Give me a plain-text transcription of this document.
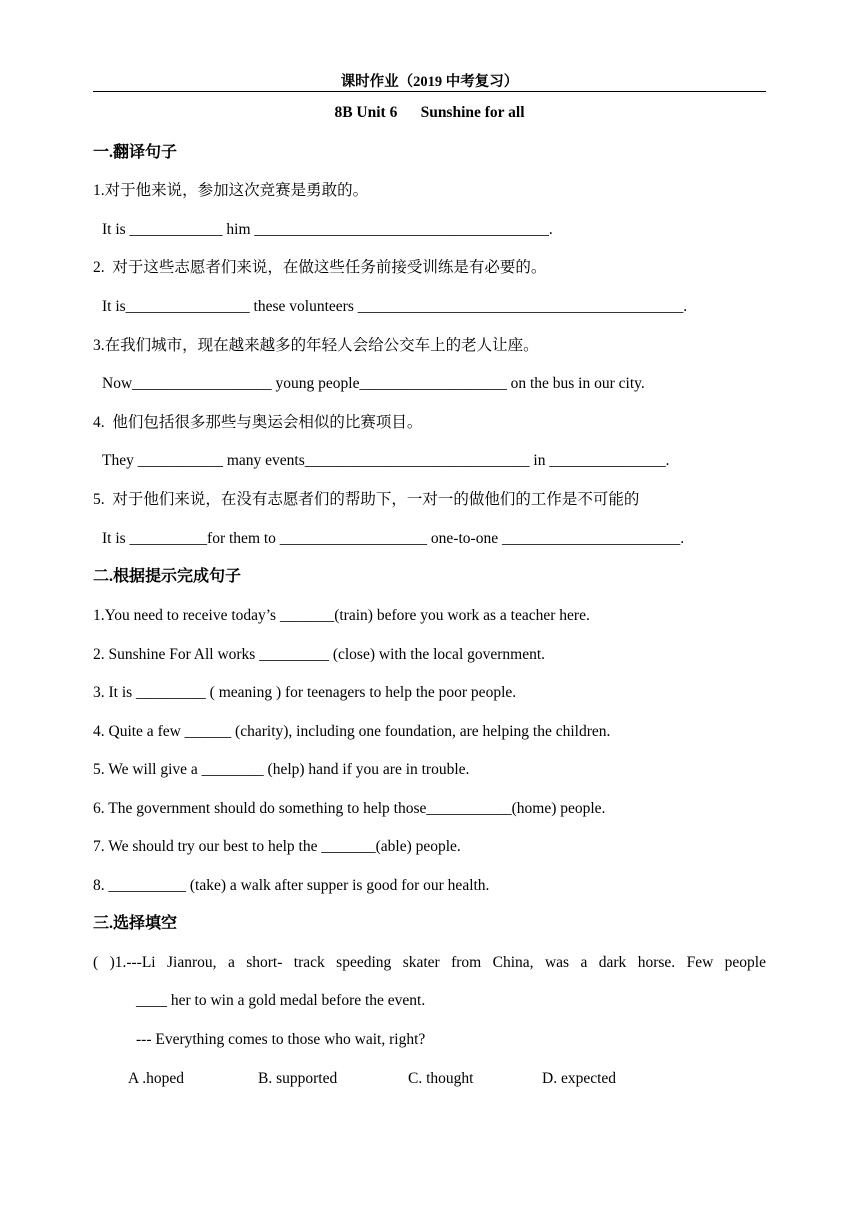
课时作业（2019 中考复习）
8B Unit 6      Sunshine for all
一.翻译句子
1.对于他来说，参加这次竞赛是勇敢的。
It is ____________ him ______________________________________.
2.  对于这些志愿者们来说，在做这些任务前接受训练是有必要的。
It is________________ these volunteers __________________________________________.
3.在我们城市，现在越来越多的年轻人会给公交车上的老人让座。
Now__________________ young people___________________ on the bus in our city.
4.  他们包括很多那些与奥运会相似的比赛项目。
They ___________ many events_____________________________ in _______________.
5.  对于他们来说，在没有志愿者们的帮助下，一对一的做他们的工作是不可能的
It is __________for them to ___________________ one-to-one _______________________.
二.根据提示完成句子
1.You need to receive today’s _______(train) before you work as a teacher here.
2. Sunshine For All works _________ (close) with the local government.
3. It is _________ ( meaning ) for teenagers to help the poor people.
4. Quite a few ______ (charity), including one foundation, are helping the children.
5. We will give a ________ (help) hand if you are in trouble.
6. The government should do something to help those___________(home) people.
7. We should try our best to help the _______(able) people.
8. __________ (take) a walk after supper is good for our health.
三.选择填空
( )1.---Li Jianrou, a short- track speeding skater from China, was a dark horse. Few people
____ her to win a gold medal before the event.
--- Everything comes to those who wait, right?
A .hoped	B. supported	C. thought	D. expected
